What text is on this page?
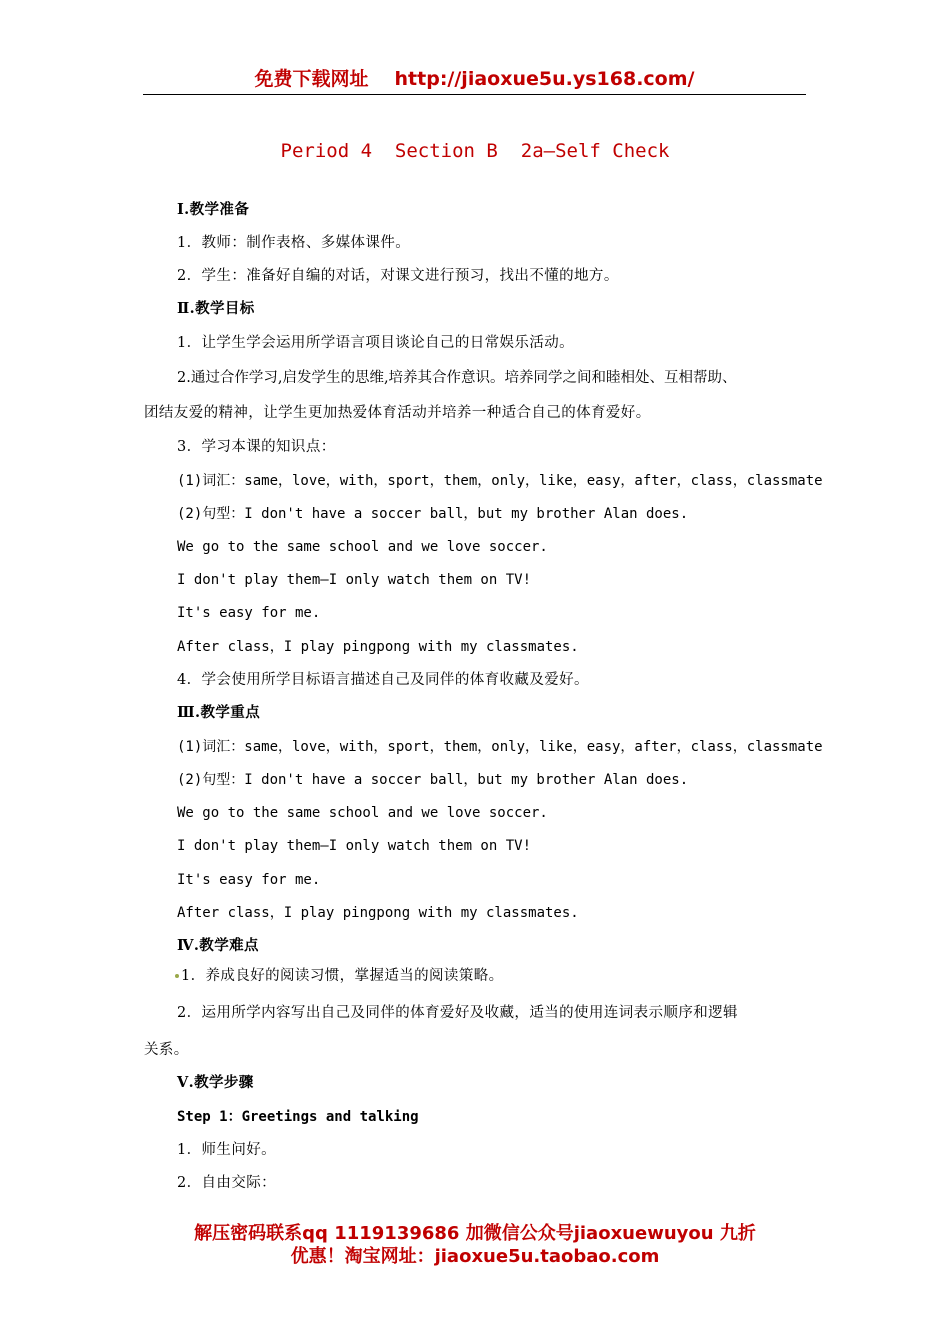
免费下载网址 http://jiaoxue5u.ys168.com/
Period 4  Section B  2a—Self Check
Ⅰ.教学准备
1．教师：制作表格、多媒体课件。
2．学生：准备好自编的对话，对课文进行预习，找出不懂的地方。
Ⅱ.教学目标
1．让学生学会运用所学语言项目谈论自己的日常娱乐活动。
2.通过合作学习,启发学生的思维,培养其合作意识。培养同学之间和睦相处、互相帮助、
团结友爱的精神，让学生更加热爱体育活动并培养一种适合自己的体育爱好。
3．学习本课的知识点：
(1)词汇：same，love，with，sport，them，only，like，easy，after，class，classmate
(2)句型：I don't have a soccer ball，but my brother Alan does.
We go to the same school and we love soccer.
I don't play them—I only watch them on TV!
It's easy for me.
After class，I play pingpong with my classmates.
4．学会使用所学目标语言描述自己及同伴的体育收藏及爱好。
Ⅲ.教学重点
(1)词汇：same，love，with，sport，them，only，like，easy，after，class，classmate
(2)句型：I don't have a soccer ball，but my brother Alan does.
We go to the same school and we love soccer.
I don't play them—I only watch them on TV!
It's easy for me.
After class，I play pingpong with my classmates.
Ⅳ.教学难点
1．养成良好的阅读习惯，掌握适当的阅读策略。
2．运用所学内容写出自己及同伴的体育爱好及收藏，适当的使用连词表示顺序和逻辑
关系。
Ⅴ.教学步骤
Step 1：Greetings and talking
1．师生问好。
2．自由交际：
解压密码联系qq 1119139686 加微信公众号jiaoxuewuyou 九折
优惠！淘宝网址：jiaoxue5u.taobao.com
